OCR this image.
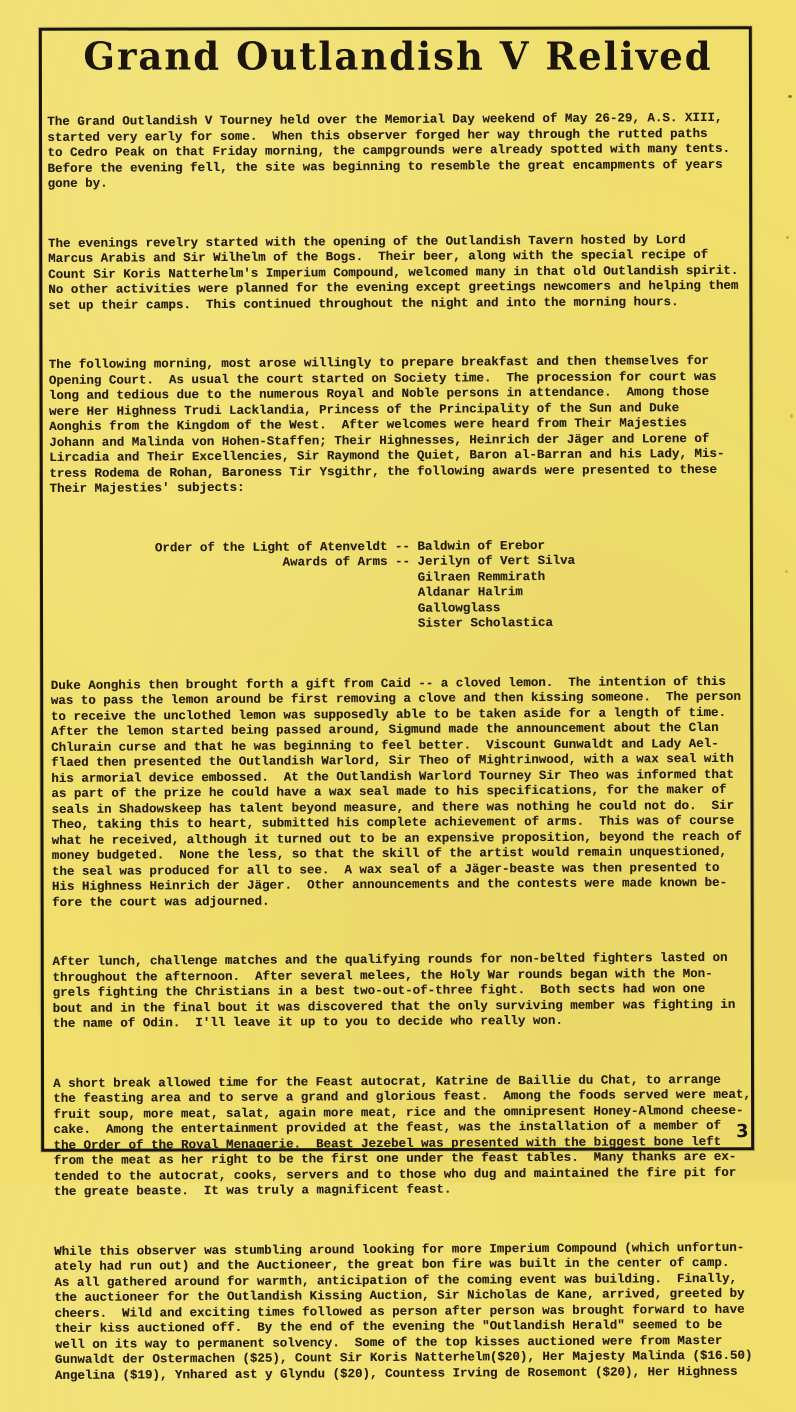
Grand Outlandish V Relived

The Grand Outlandish V Tourney held over the Memorial Day weekend of May 26-29, A.S. XIII,
started very early for some.  When this observer forged her way through the rutted paths
to Cedro Peak on that Friday morning, the campgrounds were already spotted with many tents.
Before the evening fell, the site was beginning to resemble the great encampments of years
gone by.

The evenings revelry started with the opening of the Outlandish Tavern hosted by Lord
Marcus Arabis and Sir Wilhelm of the Bogs.  Their beer, along with the special recipe of
Count Sir Koris Natterhelm's Imperium Compound, welcomed many in that old Outlandish spirit.
No other activities were planned for the evening except greetings newcomers and helping them
set up their camps.  This continued throughout the night and into the morning hours.

The following morning, most arose willingly to prepare breakfast and then themselves for
Opening Court.  As usual the court started on Society time.  The procession for court was
long and tedious due to the numerous Royal and Noble persons in attendance.  Among those
were Her Highness Trudi Lacklandia, Princess of the Principality of the Sun and Duke
Aonghis from the Kingdom of the West.  After welcomes were heard from Their Majesties
Johann and Malinda von Hohen-Staffen; Their Highnesses, Heinrich der Jäger and Lorene of
Lircadia and Their Excellencies, Sir Raymond the Quiet, Baron al-Barran and his Lady, Mis-
tress Rodema de Rohan, Baroness Tir Ysgithr, the following awards were presented to these
Their Majesties' subjects:

Order of the Light of Atenveldt -- Baldwin of Erebor
Awards of Arms -- Jerilyn of Vert Silva
Gilraen Remmirath
Aldanar Halrim
Gallowglass
Sister Scholastica

Duke Aonghis then brought forth a gift from Caid -- a cloved lemon.  The intention of this
was to pass the lemon around be first removing a clove and then kissing someone.  The person
to receive the unclothed lemon was supposedly able to be taken aside for a length of time.
After the lemon started being passed around, Sigmund made the announcement about the Clan
Chlurain curse and that he was beginning to feel better.  Viscount Gunwaldt and Lady Ael-
flaed then presented the Outlandish Warlord, Sir Theo of Mightrinwood, with a wax seal with
his armorial device embossed.  At the Outlandish Warlord Tourney Sir Theo was informed that
as part of the prize he could have a wax seal made to his specifications, for the maker of
seals in Shadowskeep has talent beyond measure, and there was nothing he could not do.  Sir
Theo, taking this to heart, submitted his complete achievement of arms.  This was of course
what he received, although it turned out to be an expensive proposition, beyond the reach of
money budgeted.  None the less, so that the skill of the artist would remain unquestioned,
the seal was produced for all to see.  A wax seal of a Jäger-beaste was then presented to
His Highness Heinrich der Jäger.  Other announcements and the contests were made known be-
fore the court was adjourned.

After lunch, challenge matches and the qualifying rounds for non-belted fighters lasted on
throughout the afternoon.  After several melees, the Holy War rounds began with the Mon-
grels fighting the Christians in a best two-out-of-three fight.  Both sects had won one
bout and in the final bout it was discovered that the only surviving member was fighting in
the name of Odin.  I'll leave it up to you to decide who really won.

A short break allowed time for the Feast autocrat, Katrine de Baillie du Chat, to arrange
the feasting area and to serve a grand and glorious feast.  Among the foods served were meat,
fruit soup, more meat, salat, again more meat, rice and the omnipresent Honey-Almond cheese-
cake.  Among the entertainment provided at the feast, was the installation of a member of
the Order of the Royal Menagerie.  Beast Jezebel was presented with the biggest bone left
from the meat as her right to be the first one under the feast tables.  Many thanks are ex-
tended to the autocrat, cooks, servers and to those who dug and maintained the fire pit for
the greate beaste.  It was truly a magnificent feast.

While this observer was stumbling around looking for more Imperium Compound (which unfortun-
ately had run out) and the Auctioneer, the great bon fire was built in the center of camp.
As all gathered around for warmth, anticipation of the coming event was building.  Finally,
the auctioneer for the Outlandish Kissing Auction, Sir Nicholas de Kane, arrived, greeted by
cheers.  Wild and exciting times followed as person after person was brought forward to have
their kiss auctioned off.  By the end of the evening the "Outlandish Herald" seemed to be
well on its way to permanent solvency.  Some of the top kisses auctioned were from Master
Gunwaldt der Ostermachen ($25), Count Sir Koris Natterhelm($20), Her Majesty Malinda ($16.50)
Angelina ($19), Ynhared ast y Glyndu ($20), Countess Irving de Rosemont ($20), Her Highness

3
